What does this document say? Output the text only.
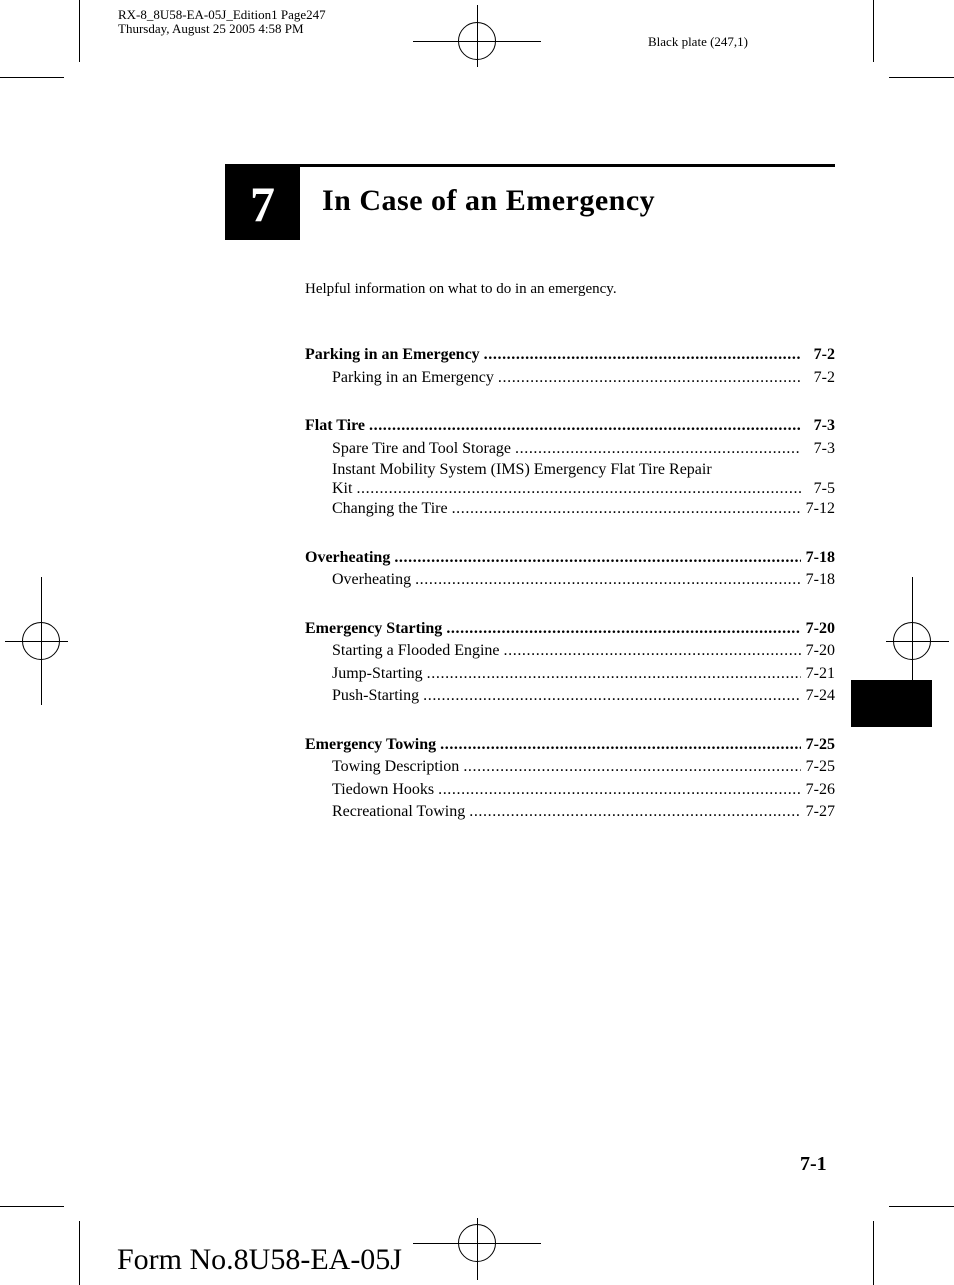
RX-8_8U58-EA-05J_Edition1 Page247
Thursday, August 25 2005 4:58 PM
Black plate (247,1)
7	In Case of an Emergency
Helpful information on what to do in an emergency.
Parking in an Emergency .....	7-2
Parking in an Emergency .....	7-2
Flat Tire .....	7-3
Spare Tire and Tool Storage .....	7-3
Instant Mobility System (IMS) Emergency Flat Tire Repair
Kit .....	7-5
Changing the Tire .....	7-12
Overheating .....	7-18
Overheating .....	7-18
Emergency Starting .....	7-20
Starting a Flooded Engine .....	7-20
Jump-Starting .....	7-21
Push-Starting .....	7-24
Emergency Towing .....	7-25
Towing Description .....	7-25
Tiedown Hooks .....	7-26
Recreational Towing .....	7-27
7-1
Form No.8U58-EA-05J
